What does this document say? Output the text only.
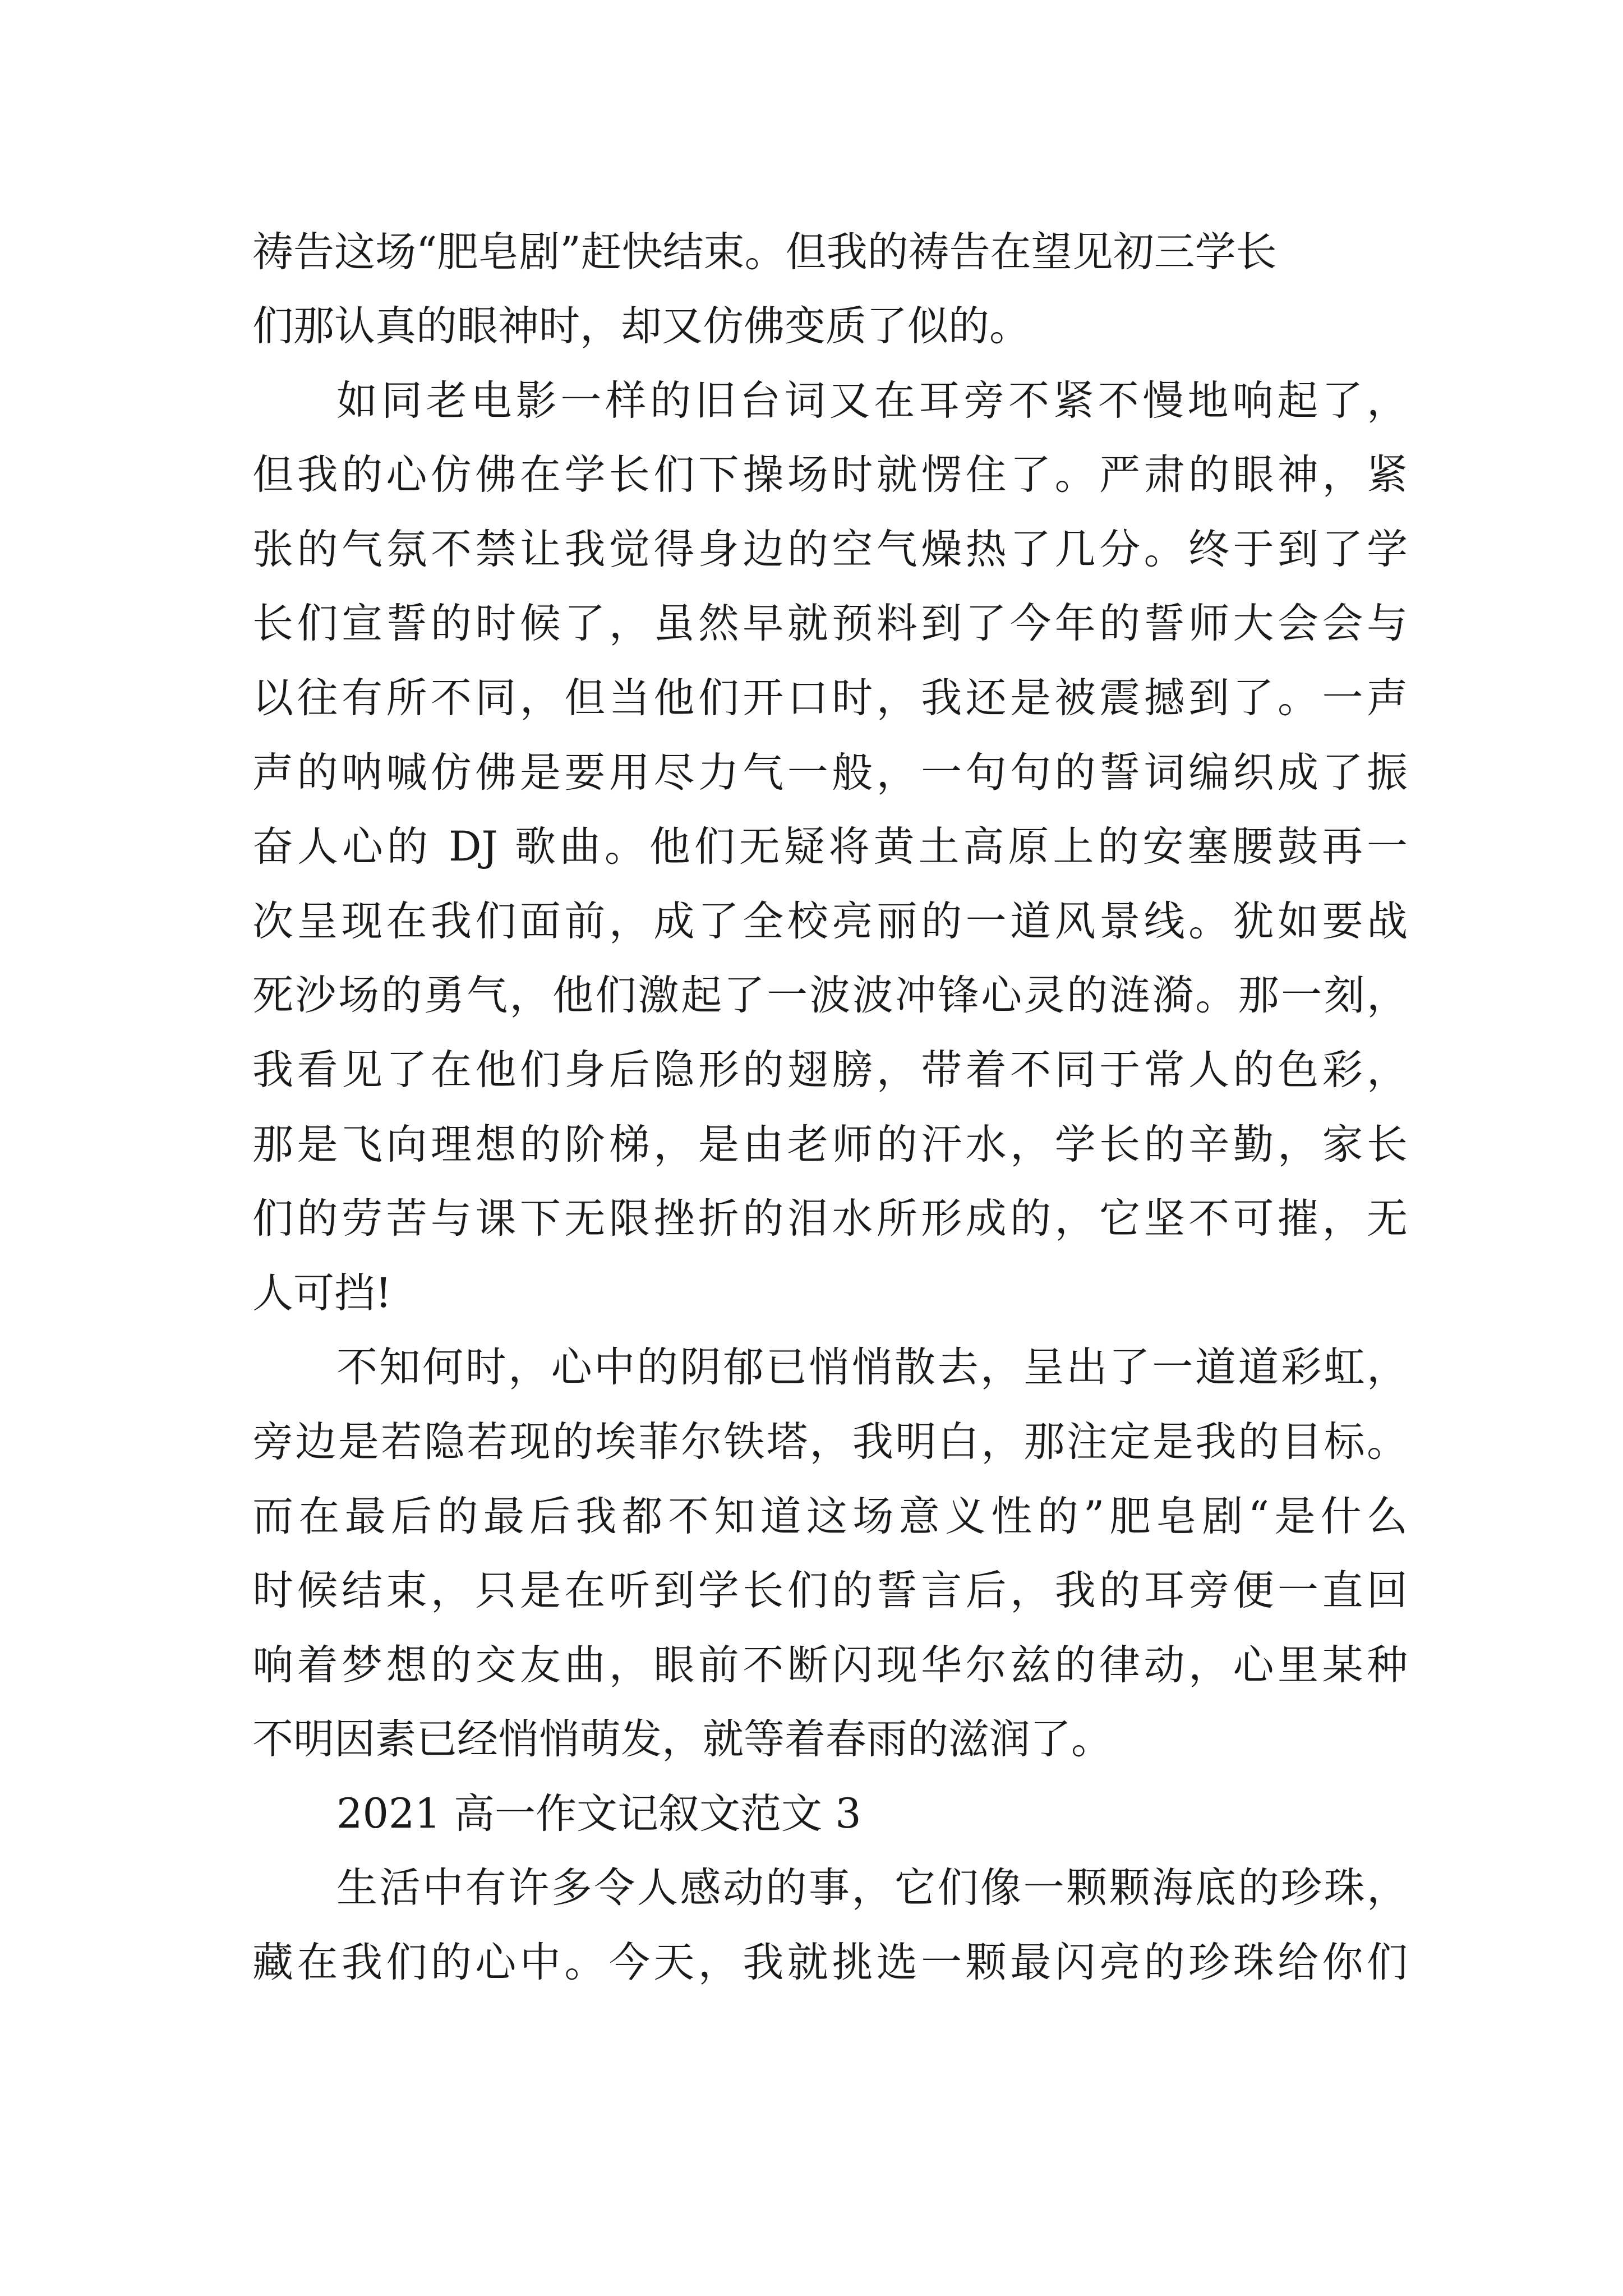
祷告这场“肥皂剧”赶快结束。但我的祷告在望见初三学长
们那认真的眼神时，却又仿佛变质了似的。
如同老电影一样的旧台词又在耳旁不紧不慢地响起了，
但我的心仿佛在学长们下操场时就愣住了。严肃的眼神，紧
张的气氛不禁让我觉得身边的空气燥热了几分。终于到了学
长们宣誓的时候了，虽然早就预料到了今年的誓师大会会与
以往有所不同，但当他们开口时，我还是被震撼到了。一声
声的呐喊仿佛是要用尽力气一般，一句句的誓词编织成了振
奋人心的 DJ 歌曲。他们无疑将黄土高原上的安塞腰鼓再一
次呈现在我们面前，成了全校亮丽的一道风景线。犹如要战
死沙场的勇气，他们激起了一波波冲锋心灵的涟漪。那一刻，
我看见了在他们身后隐形的翅膀，带着不同于常人的色彩，
那是飞向理想的阶梯，是由老师的汗水，学长的辛勤，家长
们的劳苦与课下无限挫折的泪水所形成的，它坚不可摧，无
人可挡!
不知何时，心中的阴郁已悄悄散去，呈出了一道道彩虹，
旁边是若隐若现的埃菲尔铁塔，我明白，那注定是我的目标。
而在最后的最后我都不知道这场意义性的”肥皂剧“是什么
时候结束，只是在听到学长们的誓言后，我的耳旁便一直回
响着梦想的交友曲，眼前不断闪现华尔兹的律动，心里某种
不明因素已经悄悄萌发，就等着春雨的滋润了。
2021 高一作文记叙文范文 3
生活中有许多令人感动的事，它们像一颗颗海底的珍珠，
藏在我们的心中。今天，我就挑选一颗最闪亮的珍珠给你们
